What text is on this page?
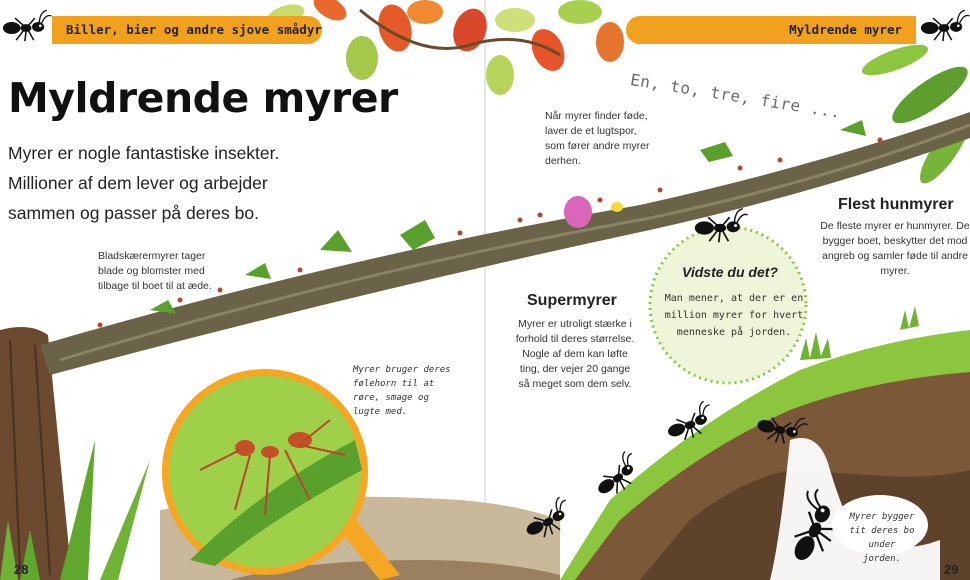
Biller, bier og andre sjove smådyr
Myldrende myrer
Myrer er nogle fantastiske insekter. Millioner af dem lever og arbejder sammen og passer på deres bo.
Bladskærermyrer tager blade og blomster med tilbage til boet til at æde.
Myrer bruger deres følehorn til at røre, smage og lugte med.
28
Myldrende myrer
En, to, tre, fire ...
Når myrer finder føde, laver de et lugtspor, som fører andre myrer derhen.
Supermyrer
Myrer er utroligt stærke i forhold til deres størrelse. Nogle af dem kan løfte ting, der vejer 20 gange så meget som dem selv.
Vidste du det?
Man mener, at der er en million myrer for hvert menneske på jorden.
Flest hunmyrer
De fleste myrer er hunmyrer. De bygger boet, beskytter det mod angreb og samler føde til andre myrer.
Myrer bygger tit deres bo under jorden.
29
